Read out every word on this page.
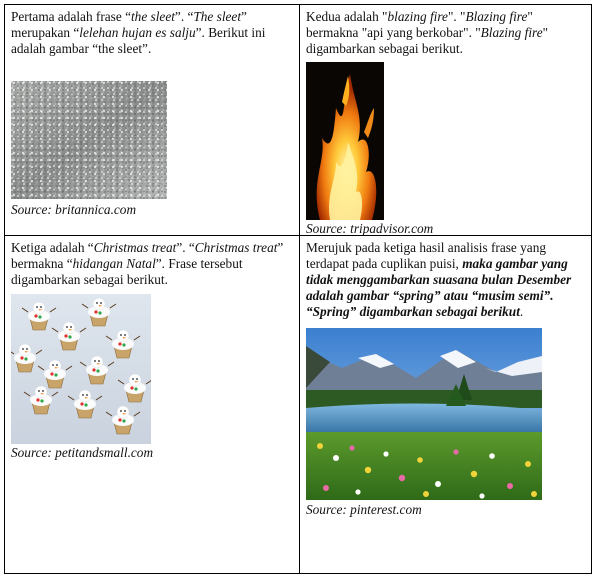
Pertama adalah frase “the sleet”. “The sleet” merupakan “lelehan hujan es salju”. Berikut ini adalah gambar “the sleet”.

Source: britannica.com

Kedua adalah "blazing fire". "Blazing fire" bermakna "api yang berkobar". "Blazing fire" digambarkan sebagai berikut.

Source: tripadvisor.com

Ketiga adalah “Christmas treat”. “Christmas treat” bermakna “hidangan Natal”. Frase tersebut digambarkan sebagai berikut.

Source: petitandsmall.com

Merujuk pada ketiga hasil analisis frase yang terdapat pada cuplikan puisi, maka gambar yang tidak menggambarkan suasana bulan Desember adalah gambar “spring” atau “musim semi”. “Spring” digambarkan sebagai berikut.

Source: pinterest.com
